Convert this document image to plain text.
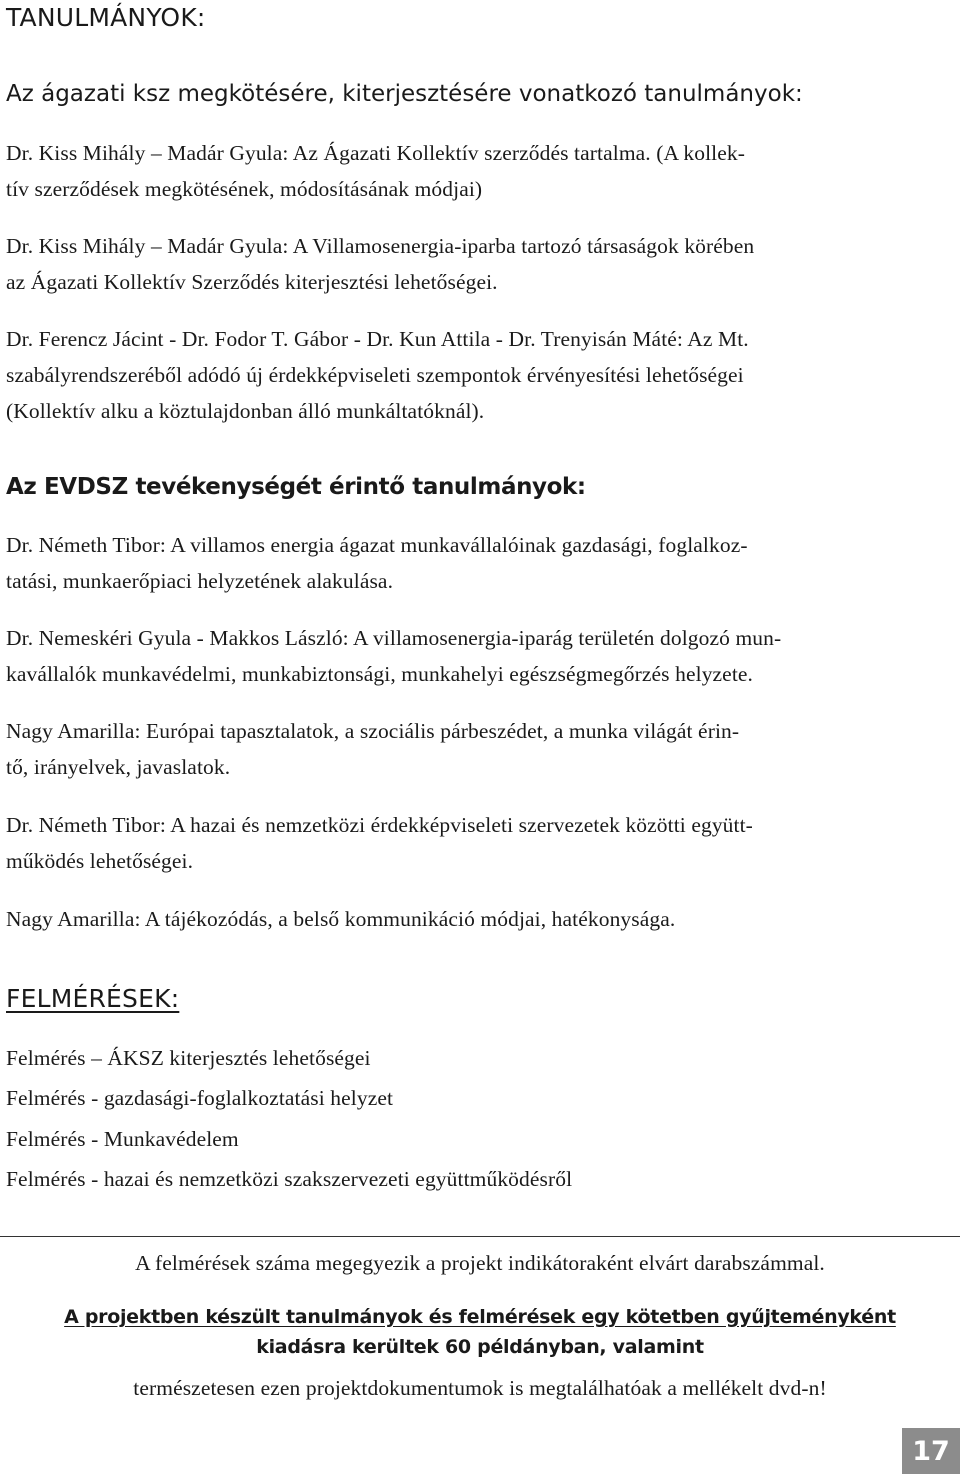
TANULMÁNYOK:
Az ágazati ksz megkötésére, kiterjesztésére vonatkozó tanulmányok:
Dr. Kiss Mihály – Madár Gyula: Az Ágazati Kollektív szerződés tartalma. (A kollek-
tív szerződések megkötésének, módosításának módjai)
Dr. Kiss Mihály – Madár Gyula: A Villamosenergia-iparba tartozó társaságok körében
az Ágazati Kollektív Szerződés kiterjesztési lehetőségei.
Dr. Ferencz Jácint - Dr. Fodor T. Gábor - Dr. Kun Attila - Dr. Trenyisán Máté: Az Mt.
szabályrendszeréből adódó új érdekképviseleti szempontok érvényesítési lehetőségei
(Kollektív alku a köztulajdonban álló munkáltatóknál).
Az EVDSZ tevékenységét érintő tanulmányok:
Dr. Németh Tibor: A villamos energia ágazat munkavállalóinak gazdasági, foglalkoz-
tatási, munkaerőpiaci helyzetének alakulása.
Dr. Nemeskéri Gyula - Makkos László: A villamosenergia-iparág területén dolgozó mun-
kavállalók munkavédelmi, munkabiztonsági, munkahelyi egészségmegőrzés helyzete.
Nagy Amarilla: Európai tapasztalatok, a szociális párbeszédet, a munka világát érin-
tő, irányelvek, javaslatok.
Dr. Németh Tibor: A hazai és nemzetközi érdekképviseleti szervezetek közötti együtt-
működés lehetőségei.
Nagy Amarilla: A tájékozódás, a belső kommunikáció módjai, hatékonysága.
FELMÉRÉSEK:
Felmérés – ÁKSZ kiterjesztés lehetőségei
Felmérés - gazdasági-foglalkoztatási helyzet
Felmérés - Munkavédelem
Felmérés - hazai és nemzetközi szakszervezeti együttműködésről
A felmérések száma megegyezik a projekt indikátoraként elvárt darabszámmal.
A projektben készült tanulmányok és felmérések egy kötetben gyűjteményként
kiadásra kerültek 60 példányban, valamint
természetesen ezen projektdokumentumok is megtalálhatóak a mellékelt dvd-n!
17
